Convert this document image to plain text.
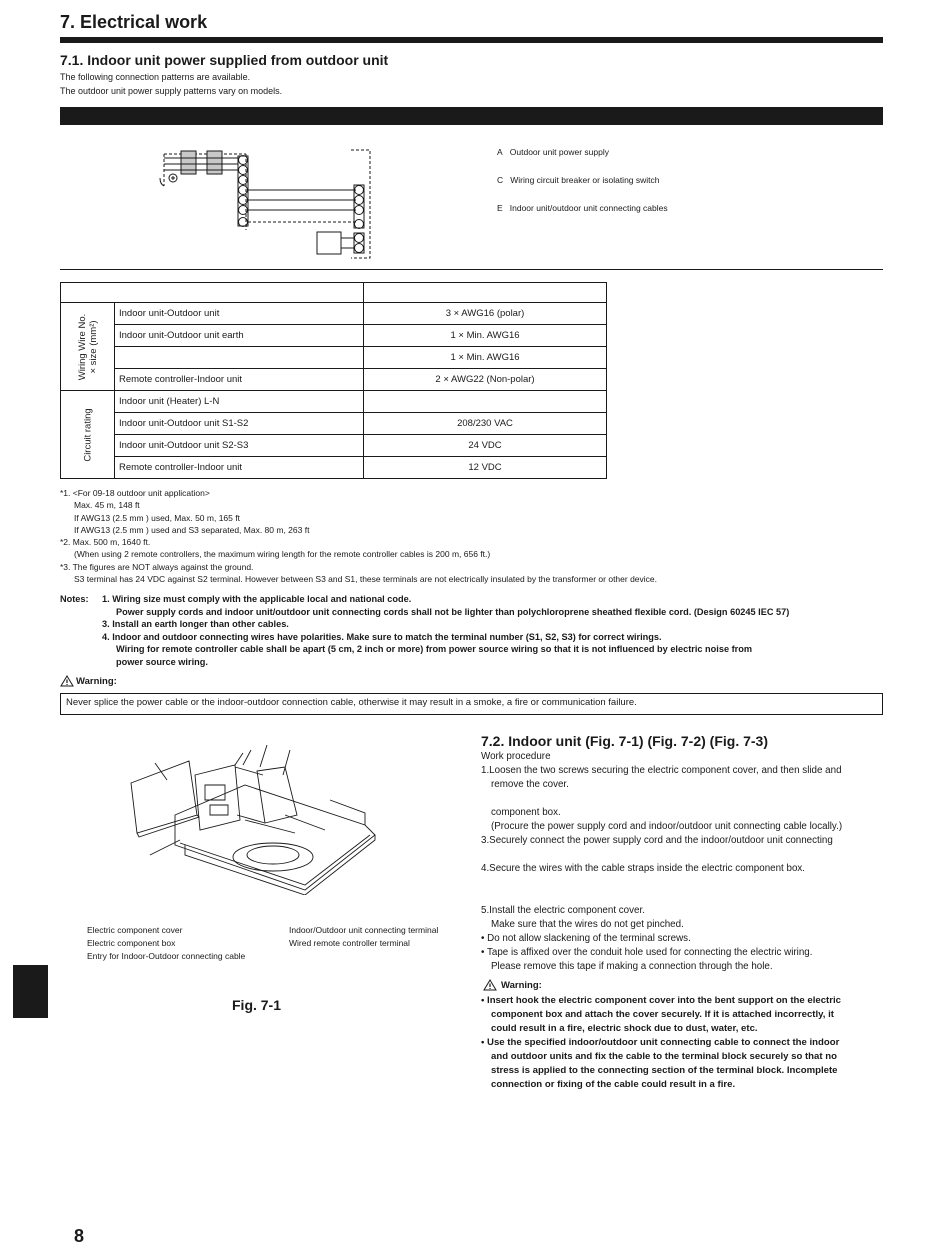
7. Electrical work
7.1. Indoor unit power supplied from outdoor unit
The following connection patterns are available.
The outdoor unit power supply patterns vary on models.
A Outdoor unit power supply
C Wiring circuit breaker or isolating switch
E Indoor unit/outdoor unit connecting cables

Wiring Wire No. × size (mm²)	Indoor unit-Outdoor unit	3 × AWG16 (polar)
	Indoor unit-Outdoor unit earth	1 × Min. AWG16
		1 × Min. AWG16
	Remote controller-Indoor unit	2 × AWG22 (Non-polar)

Circuit rating	Indoor unit (Heater) L-N	
	Indoor unit-Outdoor unit S1-S2	208/230 VAC
	Indoor unit-Outdoor unit S2-S3	24 VDC
	Remote controller-Indoor unit	12 VDC
*1. <For 09-18 outdoor unit application>
Max. 45 m, 148 ft
If AWG13 (2.5 mm ) used, Max. 50 m, 165 ft
If AWG13 (2.5 mm ) used and S3 separated, Max. 80 m, 263 ft
*2. Max. 500 m, 1640 ft.
(When using 2 remote controllers, the maximum wiring length for the remote controller cables is 200 m, 656 ft.)
*3. The figures are NOT always against the ground.
S3 terminal has 24 VDC against S2 terminal. However between S3 and S1, these terminals are not electrically insulated by the transformer or other device.
Notes: 1. Wiring size must comply with the applicable local and national code.
Power supply cords and indoor unit/outdoor unit connecting cords shall not be lighter than polychloroprene sheathed flexible cord. (Design 60245 IEC 57)
3. Install an earth longer than other cables.
4. Indoor and outdoor connecting wires have polarities. Make sure to match the terminal number (S1, S2, S3) for correct wirings.
Wiring for remote controller cable shall be apart (5 cm, 2 inch or more) from power source wiring so that it is not influenced by electric noise from
power source wiring.
Warning:
Never splice the power cable or the indoor-outdoor connection cable, otherwise it may result in a smoke, a fire or communication failure.
Electric component cover
Electric component box
Entry for Indoor-Outdoor connecting cable
Indoor/Outdoor unit connecting terminal
Wired remote controller terminal
Fig. 7-1
7.2. Indoor unit (Fig. 7-1) (Fig. 7-2) (Fig. 7-3)
Work procedure
1.Loosen the two screws securing the electric component cover, and then slide and
remove the cover.
component box.
(Procure the power supply cord and indoor/outdoor unit connecting cable locally.)
3.Securely connect the power supply cord and the indoor/outdoor unit connecting
4.Secure the wires with the cable straps inside the electric component box.
5.Install the electric component cover.
Make sure that the wires do not get pinched.
• Do not allow slackening of the terminal screws.
• Tape is affixed over the conduit hole used for connecting the electric wiring.
Please remove this tape if making a connection through the hole.
Warning:
• Insert hook the electric component cover into the bent support on the electric
component box and attach the cover securely. If it is attached incorrectly, it
could result in a fire, electric shock due to dust, water, etc.
• Use the specified indoor/outdoor unit connecting cable to connect the indoor
and outdoor units and fix the cable to the terminal block securely so that no
stress is applied to the connecting section of the terminal block. Incomplete
connection or fixing of the cable could result in a fire.
8
